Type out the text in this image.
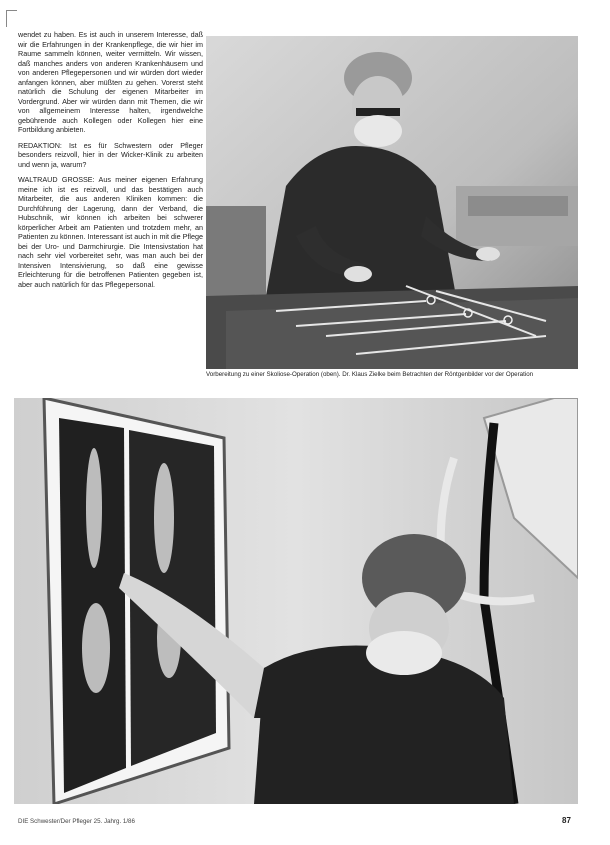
wendet zu haben. Es ist auch in unserem Interesse, daß wir die Erfahrungen in der Krankenpflege, die wir hier im Raume sammeln können, weiter vermitteln. Wir wissen, daß manches anders von anderen Krankenhäusern und von anderen Pflegepersonen und wir würden dort wieder anfangen können, aber müßten zu gehen. Vorerst steht natürlich die Schulung der eigenen Mitarbeiter im Vordergrund. Aber wir würden dann mit Themen, die wir von allgemeinem Interesse halten, irgendwelche gebührende auch Kollegen oder Kollegen hier eine Fortbildung anbieten.

REDAKTION: Ist es für Schwestern oder Pfleger besonders reizvoll, hier in der Wicker-Klinik zu arbeiten und wenn ja, warum?

WALTRAUD GROSSE: Aus meiner eigenen Erfahrung meine ich ist es reizvoll, und das bestätigen auch Mitarbeiter, die aus anderen Kliniken kommen: die Durchführung der Lagerung, dann der Verband, die Hubschnik, wir können ich arbeiten bei schwerer körperlicher Arbeit am Patienten und trotzdem mehr, an Patienten zu können. Interessant ist auch in mit die Pflege bei der Uro- und Darmchirurgie. Die Intensivstation hat nach sehr viel vorbereitet sehr, was man auch bei der Intensiven Intensivierung, so daß eine gewisse Erleichterung für die betroffenen Patienten gegeben ist, aber auch natürlich für das Pflegepersonal.

Vorbereitung zu einer Skoliose-Operation (oben). Dr. Klaus Zielke beim Betrachten der Röntgenbilder vor der Operation
DIE Schwester/Der Pfleger 25. Jahrg. 1/86	87
